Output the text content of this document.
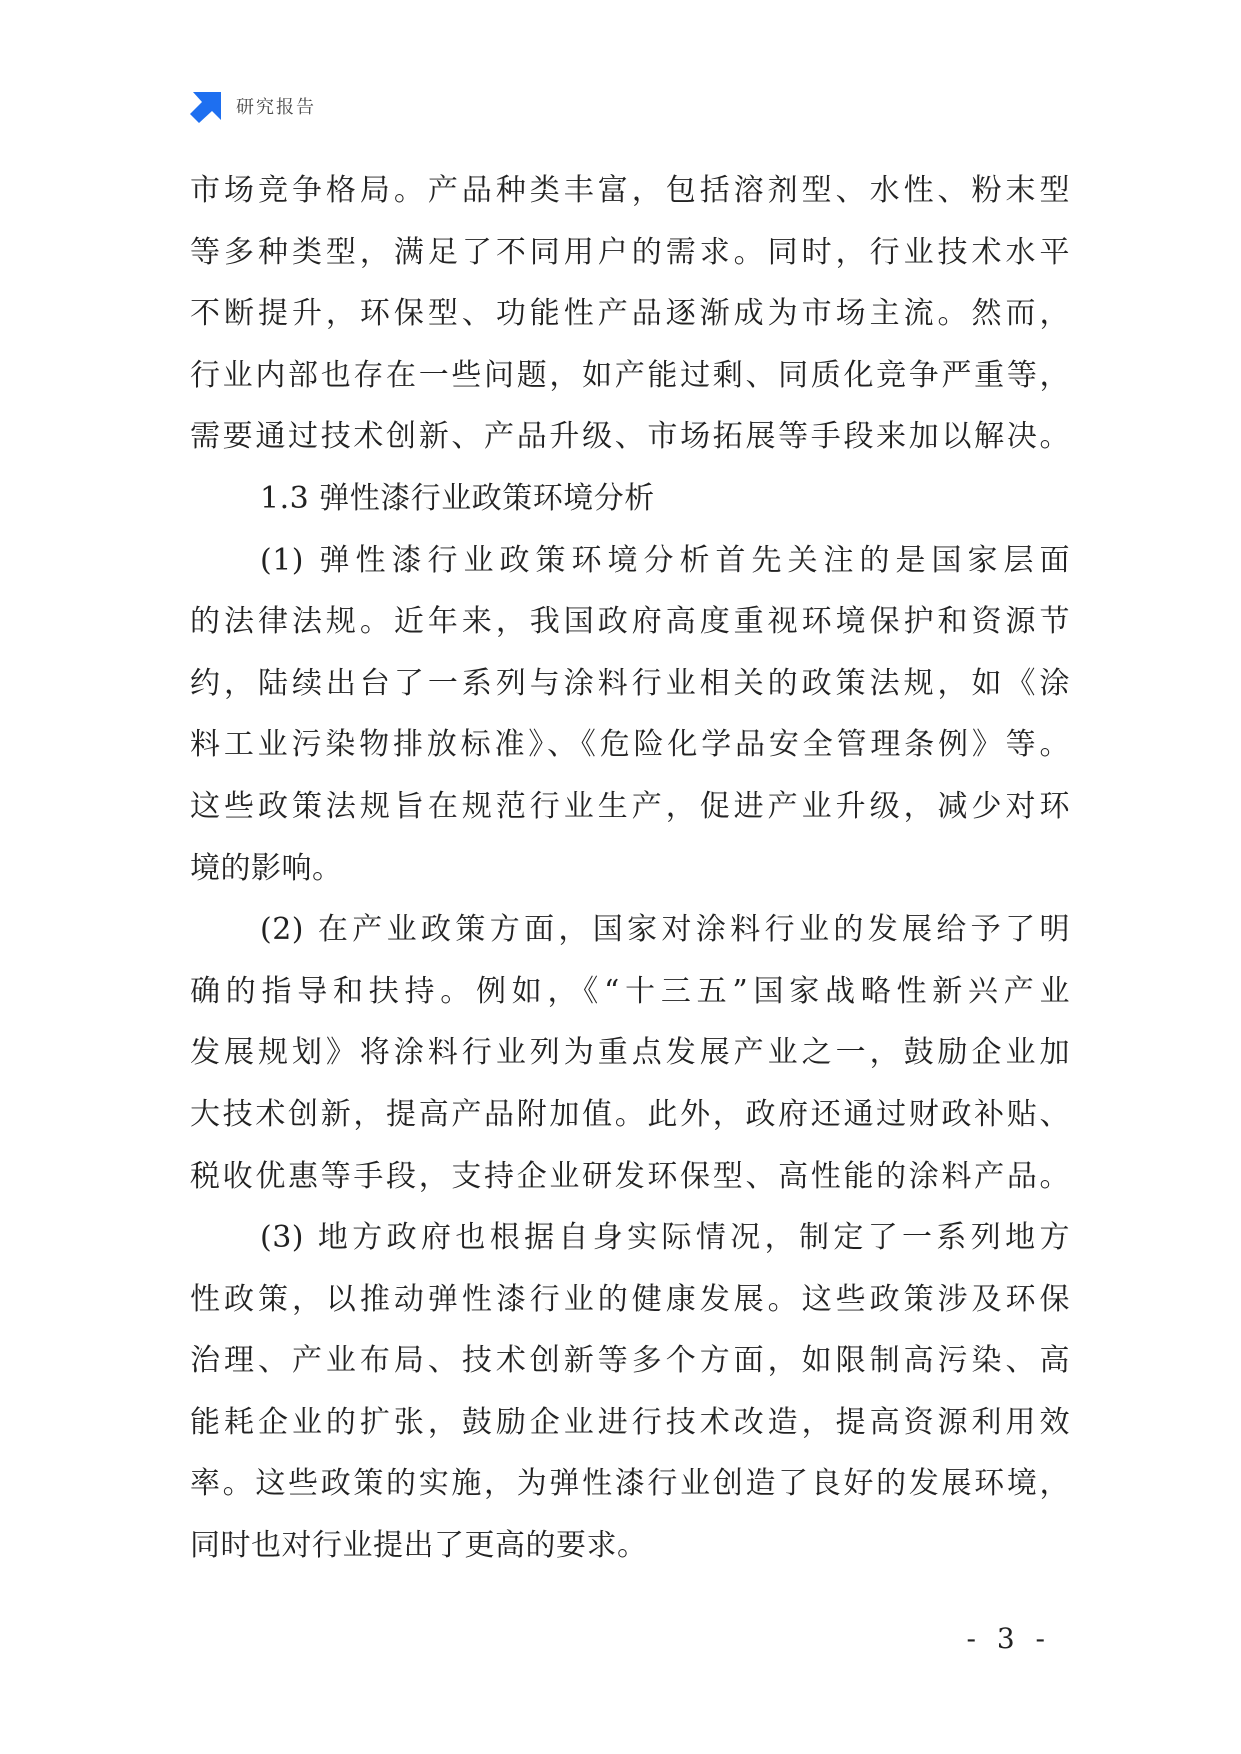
研究报告
市场竞争格局。产品种类丰富，包括溶剂型、水性、粉末型
等多种类型，满足了不同用户的需求。同时，行业技术水平
不断提升，环保型、功能性产品逐渐成为市场主流。然而，
行业内部也存在一些问题，如产能过剩、同质化竞争严重等，
需要通过技术创新、产品升级、市场拓展等手段来加以解决。
1.3 弹性漆行业政策环境分析
(1) 弹性漆行业政策环境分析首先关注的是国家层面
的法律法规。近年来，我国政府高度重视环境保护和资源节
约，陆续出台了一系列与涂料行业相关的政策法规，如《涂
料工业污染物排放标准》、《危险化学品安全管理条例》等。
这些政策法规旨在规范行业生产，促进产业升级，减少对环
境的影响。
(2) 在产业政策方面，国家对涂料行业的发展给予了明
确的指导和扶持。例如，《“十三五”国家战略性新兴产业
发展规划》将涂料行业列为重点发展产业之一，鼓励企业加
大技术创新，提高产品附加值。此外，政府还通过财政补贴、
税收优惠等手段，支持企业研发环保型、高性能的涂料产品。
(3) 地方政府也根据自身实际情况，制定了一系列地方
性政策，以推动弹性漆行业的健康发展。这些政策涉及环保
治理、产业布局、技术创新等多个方面，如限制高污染、高
能耗企业的扩张，鼓励企业进行技术改造，提高资源利用效
率。这些政策的实施，为弹性漆行业创造了良好的发展环境，
同时也对行业提出了更高的要求。
- 3 -
